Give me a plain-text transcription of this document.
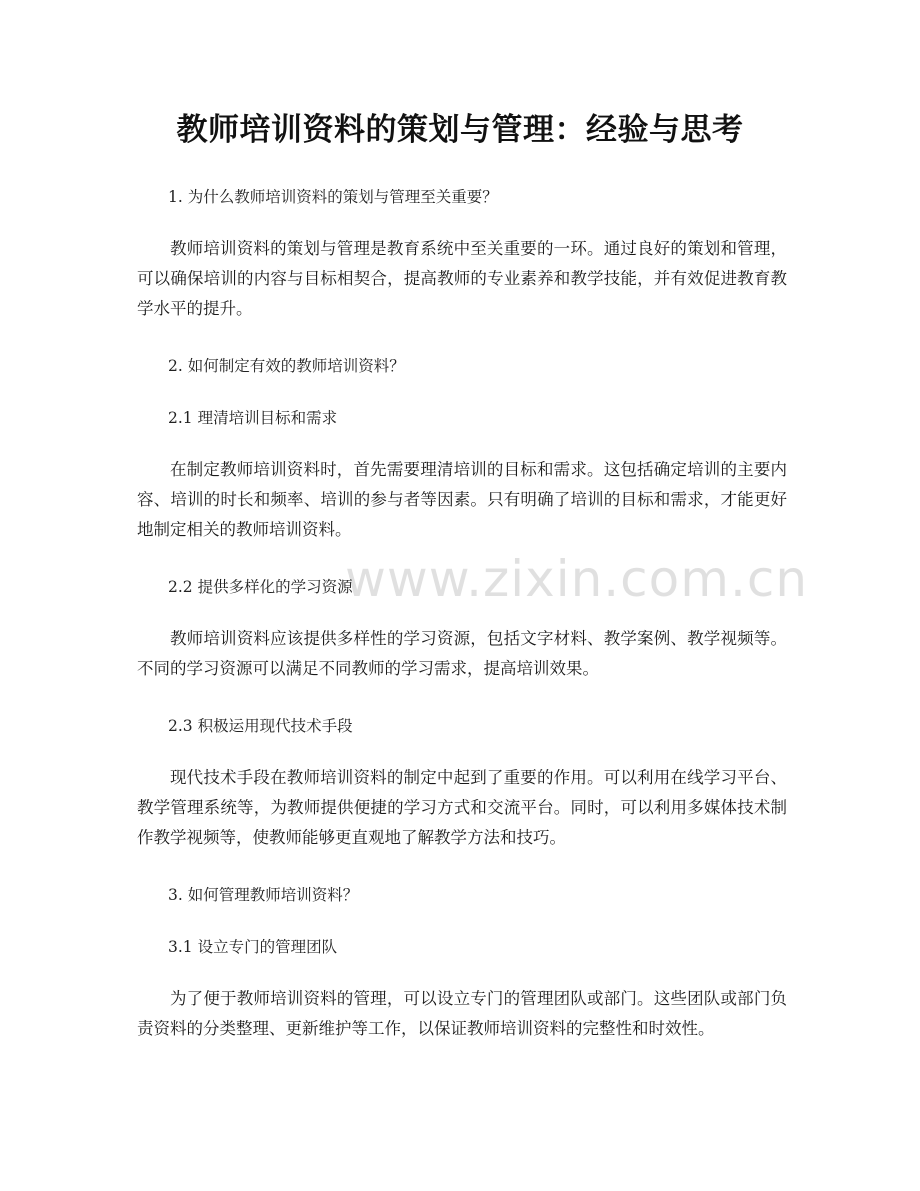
教师培训资料的策划与管理：经验与思考

1. 为什么教师培训资料的策划与管理至关重要？

教师培训资料的策划与管理是教育系统中至关重要的一环。通过良好的策划和管理，可以确保培训的内容与目标相契合，提高教师的专业素养和教学技能，并有效促进教育教学水平的提升。

2. 如何制定有效的教师培训资料？

2.1 理清培训目标和需求

在制定教师培训资料时，首先需要理清培训的目标和需求。这包括确定培训的主要内容、培训的时长和频率、培训的参与者等因素。只有明确了培训的目标和需求，才能更好地制定相关的教师培训资料。

2.2 提供多样化的学习资源

教师培训资料应该提供多样性的学习资源，包括文字材料、教学案例、教学视频等。不同的学习资源可以满足不同教师的学习需求，提高培训效果。

2.3 积极运用现代技术手段

现代技术手段在教师培训资料的制定中起到了重要的作用。可以利用在线学习平台、教学管理系统等，为教师提供便捷的学习方式和交流平台。同时，可以利用多媒体技术制作教学视频等，使教师能够更直观地了解教学方法和技巧。

3. 如何管理教师培训资料？

3.1 设立专门的管理团队

为了便于教师培训资料的管理，可以设立专门的管理团队或部门。这些团队或部门负责资料的分类整理、更新维护等工作，以保证教师培训资料的完整性和时效性。

www.zixin.com.cn
